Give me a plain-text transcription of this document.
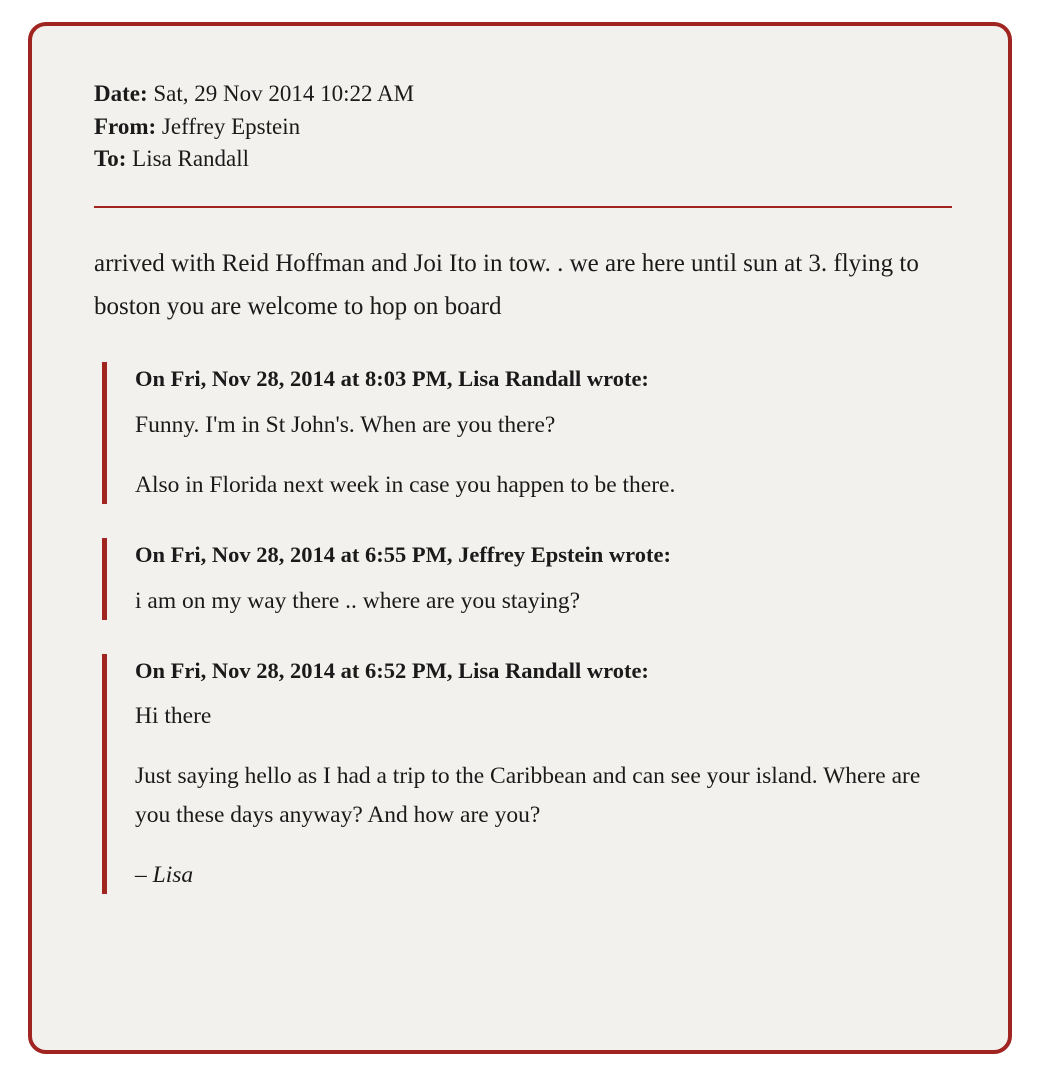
Date: Sat, 29 Nov 2014 10:22 AM
From: Jeffrey Epstein
To: Lisa Randall

arrived with Reid Hoffman and Joi Ito in tow. . we are here until sun at 3. flying to boston you are welcome to hop on board

On Fri, Nov 28, 2014 at 8:03 PM, Lisa Randall wrote:

Funny. I'm in St John's. When are you there?

Also in Florida next week in case you happen to be there.

On Fri, Nov 28, 2014 at 6:55 PM, Jeffrey Epstein wrote:

i am on my way there .. where are you staying?

On Fri, Nov 28, 2014 at 6:52 PM, Lisa Randall wrote:

Hi there

Just saying hello as I had a trip to the Caribbean and can see your island. Where are you these days anyway? And how are you?

– Lisa
